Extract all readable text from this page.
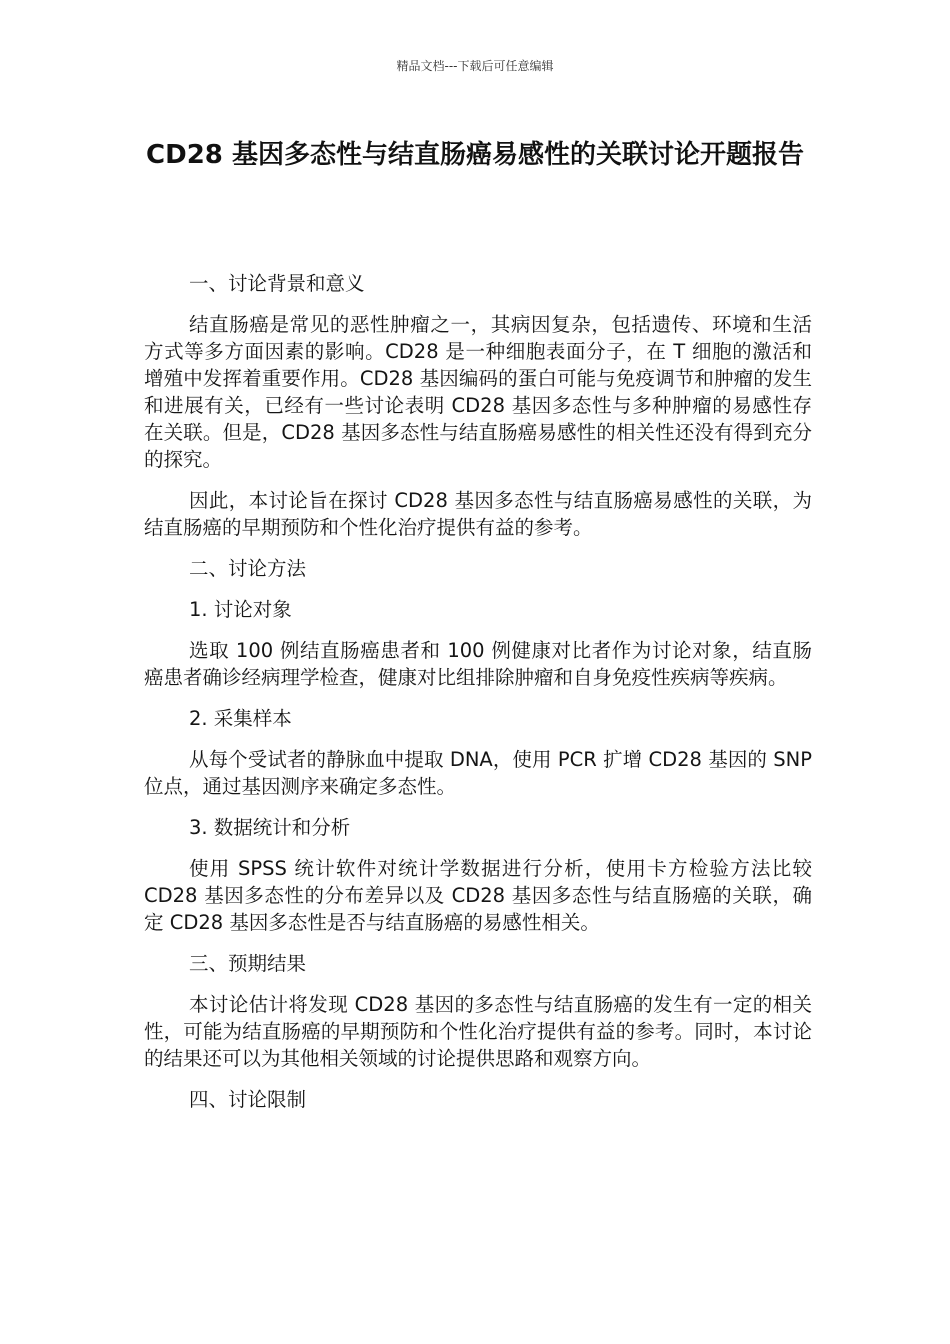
精品文档---下载后可任意编辑
CD28 基因多态性与结直肠癌易感性的关联讨论开题报告

一、讨论背景和意义

结直肠癌是常见的恶性肿瘤之一，其病因复杂，包括遗传、环境和生活方式等多方面因素的影响。CD28 是一种细胞表面分子，在 T 细胞的激活和增殖中发挥着重要作用。CD28 基因编码的蛋白可能与免疫调节和肿瘤的发生和进展有关，已经有一些讨论表明 CD28 基因多态性与多种肿瘤的易感性存在关联。但是，CD28 基因多态性与结直肠癌易感性的相关性还没有得到充分的探究。

因此，本讨论旨在探讨 CD28 基因多态性与结直肠癌易感性的关联，为结直肠癌的早期预防和个性化治疗提供有益的参考。

二、讨论方法

1. 讨论对象

选取 100 例结直肠癌患者和 100 例健康对比者作为讨论对象，结直肠癌患者确诊经病理学检查，健康对比组排除肿瘤和自身免疫性疾病等疾病。

2. 采集样本

从每个受试者的静脉血中提取 DNA，使用 PCR 扩增 CD28 基因的 SNP 位点，通过基因测序来确定多态性。

3. 数据统计和分析

使用 SPSS 统计软件对统计学数据进行分析，使用卡方检验方法比较 CD28 基因多态性的分布差异以及 CD28 基因多态性与结直肠癌的关联，确定 CD28 基因多态性是否与结直肠癌的易感性相关。

三、预期结果

本讨论估计将发现 CD28 基因的多态性与结直肠癌的发生有一定的相关性，可能为结直肠癌的早期预防和个性化治疗提供有益的参考。同时，本讨论的结果还可以为其他相关领域的讨论提供思路和观察方向。

四、讨论限制
